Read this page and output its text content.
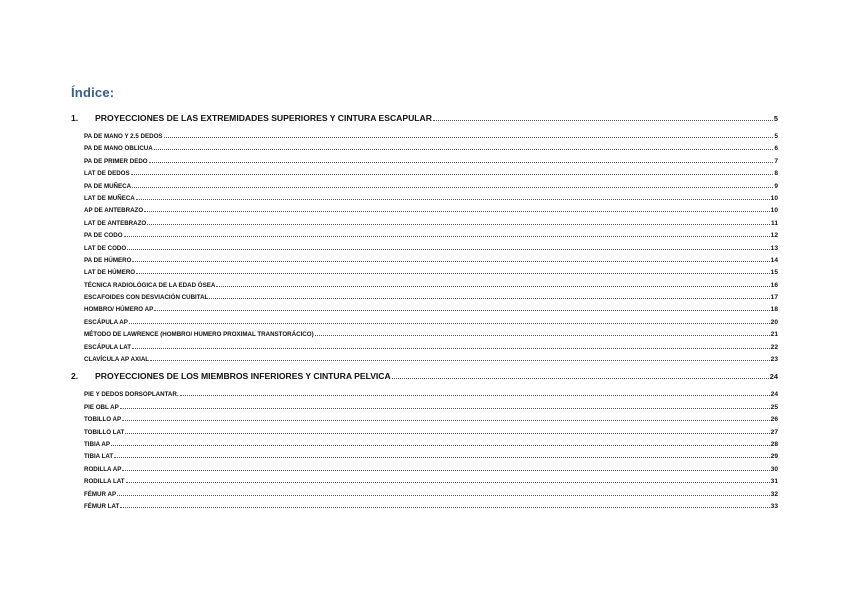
Índice:
1.	PROYECCIONES DE LAS EXTREMIDADES SUPERIORES Y CINTURA ESCAPULAR	5
PA DE MANO Y 2.5 DEDOS	5
PA DE MANO OBLICUA	6
PA DE PRIMER DEDO	7
LAT DE DEDOS	8
PA DE MUÑECA	9
LAT DE MUÑECA	10
AP DE ANTEBRAZO	10
LAT DE ANTEBRAZO	11
PA DE CODO	12
LAT DE CODO	13
PA DE HÚMERO	14
LAT DE HÚMERO	15
TÉCNICA RADIOLÓGICA DE LA EDAD ÓSEA	16
ESCAFOIDES CON DESVIACIÓN CUBITAL	17
HOMBRO/ HÚMERO AP	18
ESCÁPULA AP	20
MÉTODO DE LAWRENCE (HOMBRO/ HUMERO PROXIMAL TRANSTORÁCICO)	21
ESCÁPULA LAT	22
CLAVÍCULA AP AXIAL	23
2.	PROYECCIONES DE LOS MIEMBROS INFERIORES Y CINTURA PELVICA	24
PIE Y DEDOS DORSOPLANTAR.	24
PIE OBL AP	25
TOBILLO AP	26
TOBILLO LAT	27
TIBIA AP	28
TIBIA LAT	29
RODILLA AP	30
RODILLA LAT	31
FÉMUR AP	32
FÉMUR LAT	33
